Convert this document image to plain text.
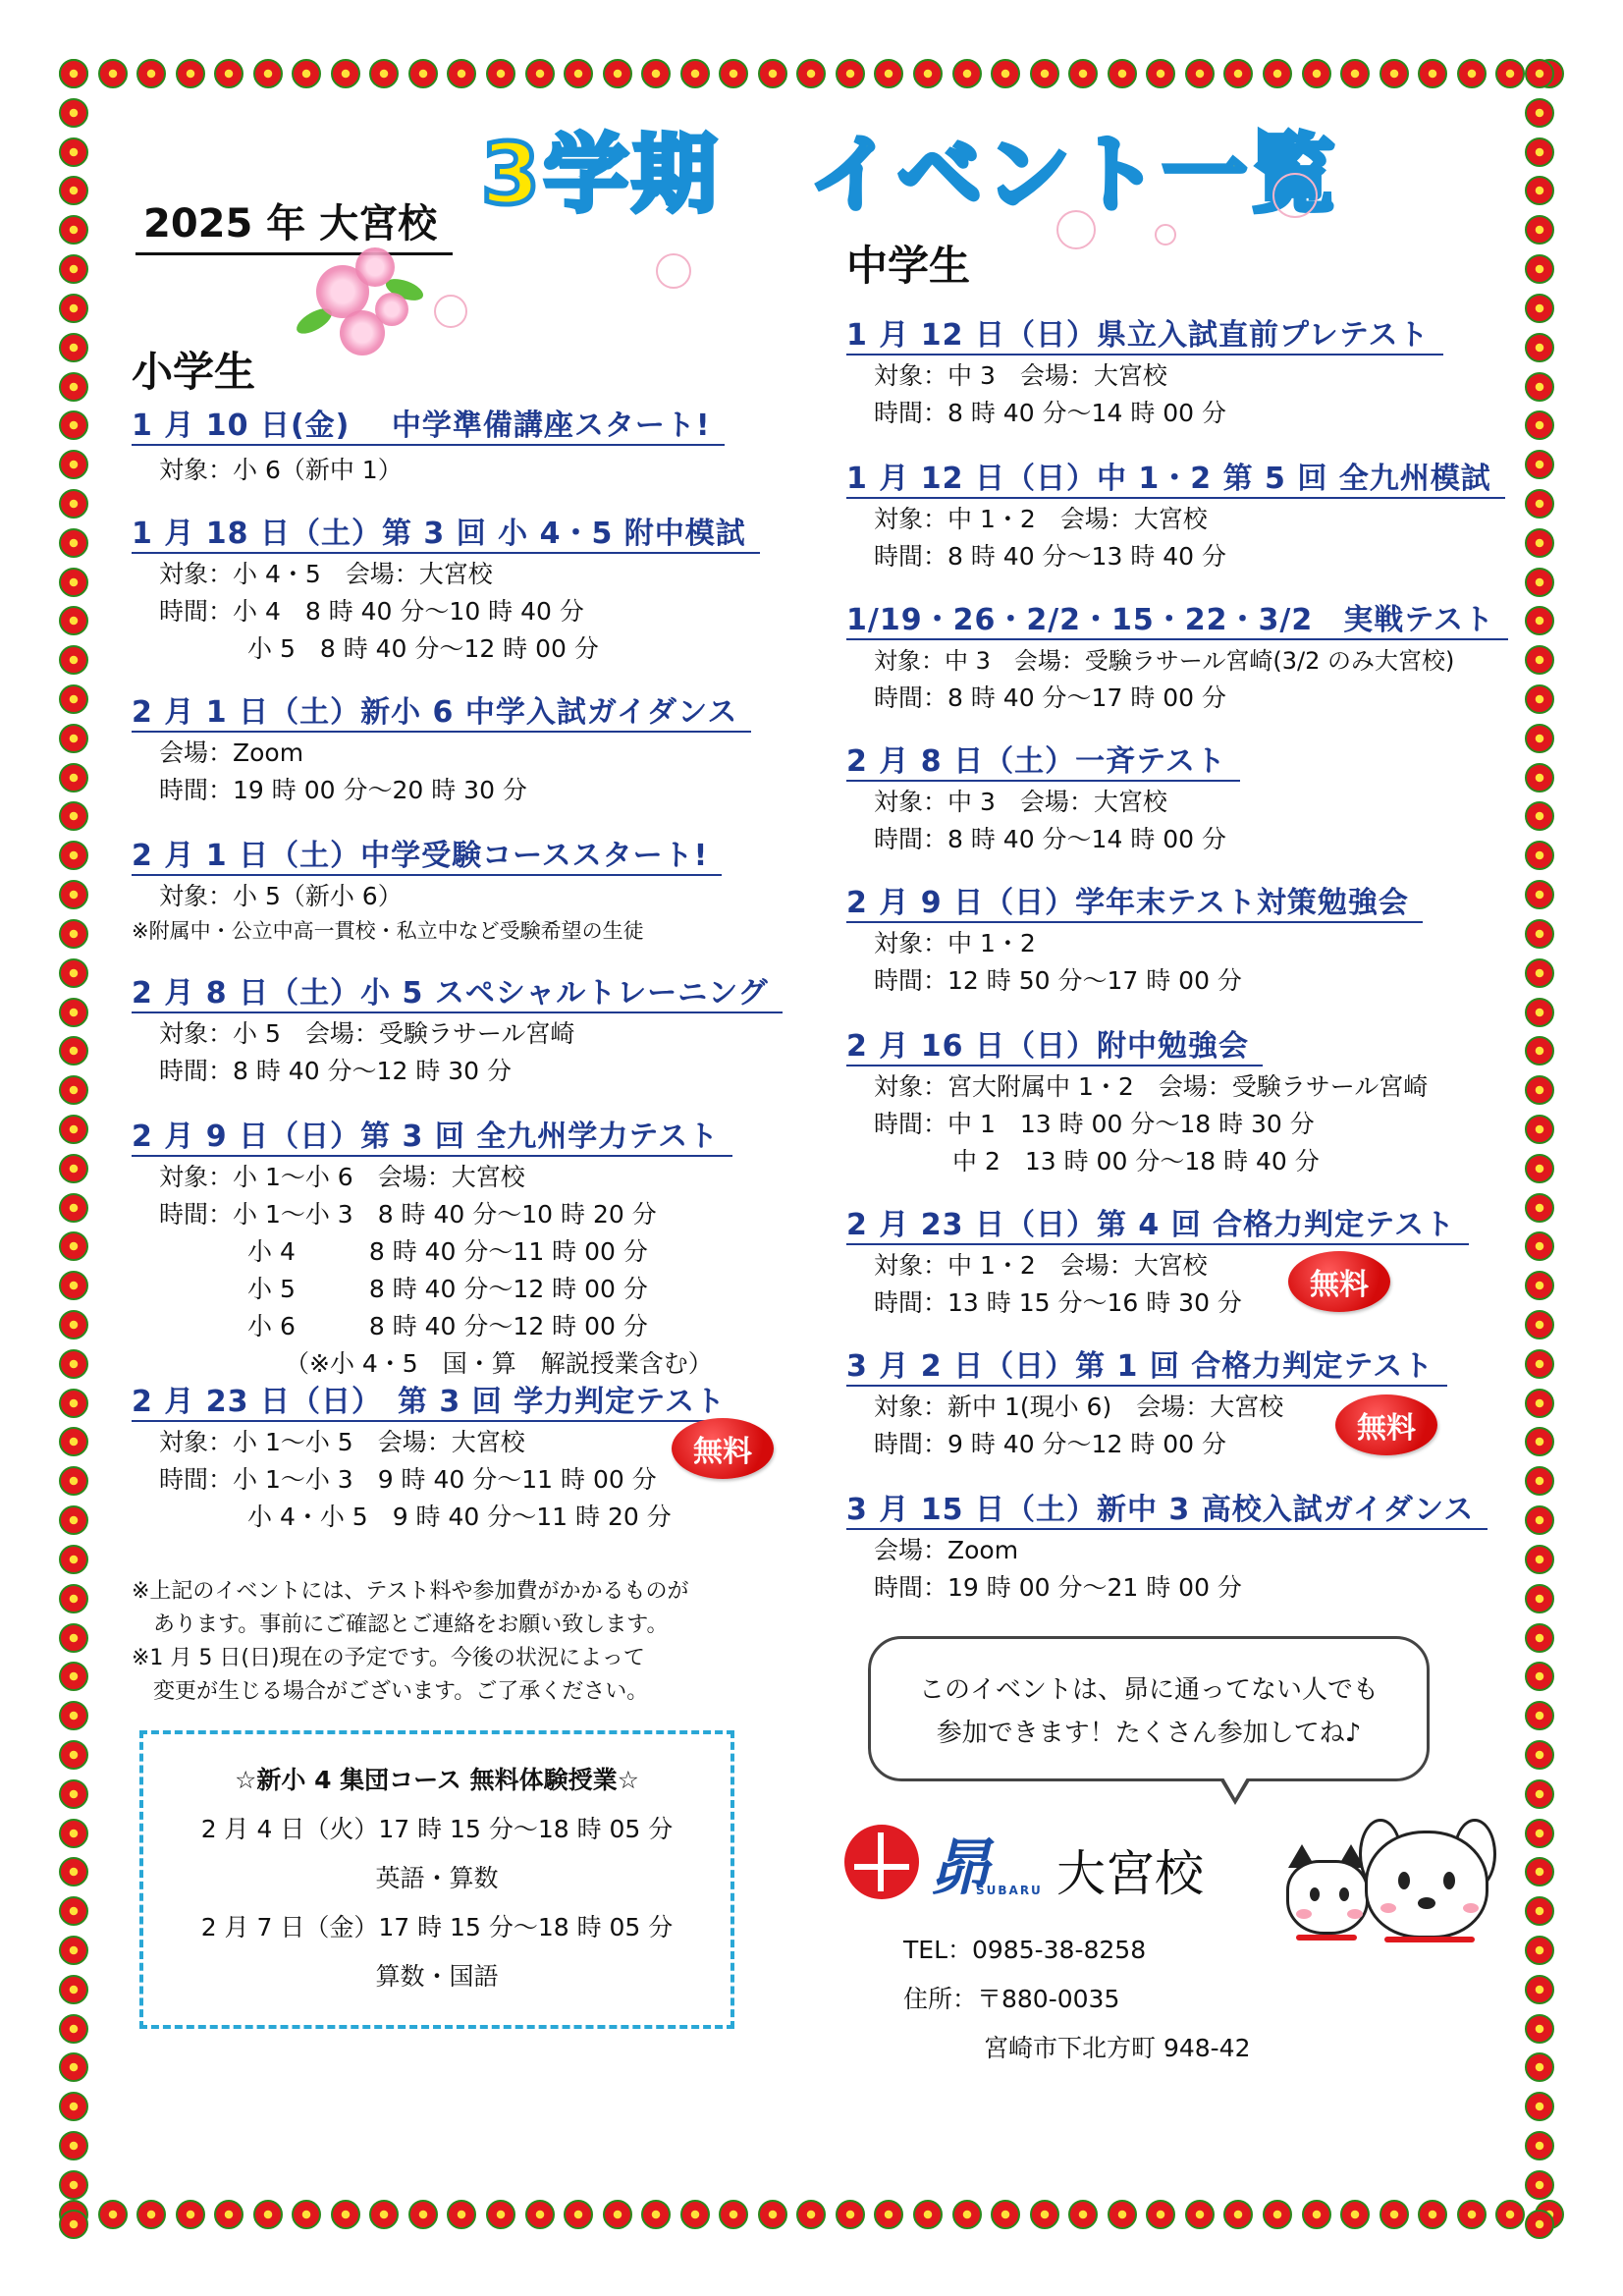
2025 年 大宮校 3学期　イベント一覧
小学生
1 月 10 日(金)　 中学準備講座スタート!
対象：小 6（新中 1）
1 月 18 日（土）第 3 回 小 4・5 附中模試
対象：小 4・5　会場：大宮校
時間：小 4　8 時 40 分～10 時 40 分
小 5　8 時 40 分～12 時 00 分
2 月 1 日（土）新小 6 中学入試ガイダンス
会場：Zoom
時間：19 時 00 分～20 時 30 分
2 月 1 日（土）中学受験コーススタート!
対象：小 5（新小 6）
※附属中・公立中高一貫校・私立中など受験希望の生徒
2 月 8 日（土）小 5 スペシャルトレーニング
対象：小 5　会場：受験ラサール宮崎
時間：8 時 40 分～12 時 30 分
2 月 9 日（日）第 3 回 全九州学力テスト
対象：小 1～小 6　会場：大宮校
時間：小 1～小 3　8 時 40 分～10 時 20 分
小 4　　　8 時 40 分～11 時 00 分
小 5　　　8 時 40 分～12 時 00 分
小 6　　　8 時 40 分～12 時 00 分
（※小 4・5　国・算　解説授業含む）
2 月 23 日（日）　第 3 回 学力判定テスト
対象：小 1～小 5　会場：大宮校
時間：小 1～小 3　9 時 40 分～11 時 00 分
小 4・小 5　9 時 40 分～11 時 20 分
無料
※上記のイベントには、テスト料や参加費がかかるものが
　あります。事前にご確認とご連絡をお願い致します。
※1 月 5 日(日)現在の予定です。今後の状況によって
　変更が生じる場合がございます。ご了承ください。
☆新小 4 集団コース 無料体験授業☆
2 月 4 日（火）17 時 15 分～18 時 05 分
英語・算数
2 月 7 日（金）17 時 15 分～18 時 05 分
算数・国語
中学生
1 月 12 日（日）県立入試直前プレテスト
対象：中 3　会場：大宮校
時間：8 時 40 分～14 時 00 分
1 月 12 日（日）中 1・2 第 5 回 全九州模試
対象：中 1・2　会場：大宮校
時間：8 時 40 分～13 時 40 分
1/19・26・2/2・15・22・3/2　実戦テスト
対象：中 3　会場：受験ラサール宮崎(3/2 のみ大宮校)
時間：8 時 40 分～17 時 00 分
2 月 8 日（土）一斉テスト
対象：中 3　会場：大宮校
時間：8 時 40 分～14 時 00 分
2 月 9 日（日）学年末テスト対策勉強会
対象：中 1・2
時間：12 時 50 分～17 時 00 分
2 月 16 日（日）附中勉強会
対象：宮大附属中 1・2　会場：受験ラサール宮崎
時間：中 1　13 時 00 分～18 時 30 分
中 2　13 時 00 分～18 時 40 分
2 月 23 日（日）第 4 回 合格力判定テスト
対象：中 1・2　会場：大宮校
時間：13 時 15 分～16 時 30 分
無料
3 月 2 日（日）第 1 回 合格力判定テスト
対象：新中 1(現小 6)　会場：大宮校
時間：9 時 40 分～12 時 00 分	無料
3 月 15 日（土）新中 3 高校入試ガイダンス
会場：Zoom
時間：19 時 00 分～21 時 00 分
このイベントは、昴に通ってない人でも
参加できます！たくさん参加してね♪
昴
SUBARU 大宮校
TEL：0985-38-8258
住所：〒880-0035
宮崎市下北方町 948-42
